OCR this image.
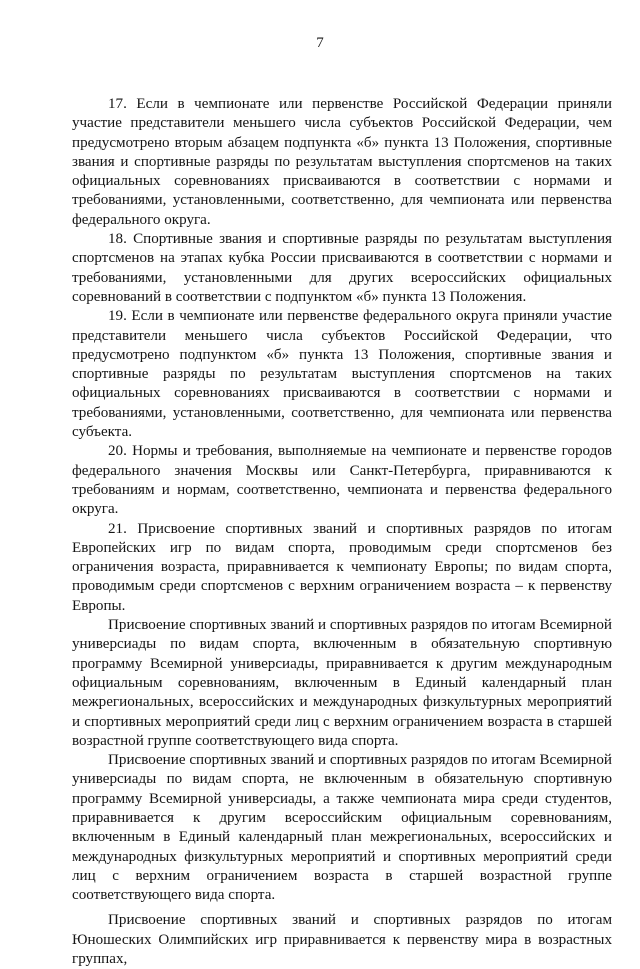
7

17. Если в чемпионате или первенстве Российской Федерации приняли участие представители меньшего числа субъектов Российской Федерации, чем предусмотрено вторым абзацем подпункта «б» пункта 13 Положения, спортивные звания и спортивные разряды по результатам выступления спортсменов на таких официальных соревнованиях присваиваются в соответствии с нормами и требованиями, установленными, соответственно, для чемпионата или первенства федерального округа.

18. Спортивные звания и спортивные разряды по результатам выступления спортсменов на этапах кубка России присваиваются в соответствии с нормами и требованиями, установленными для других всероссийских официальных соревнований в соответствии с подпунктом «б» пункта 13 Положения.

19. Если в чемпионате или первенстве федерального округа приняли участие представители меньшего числа субъектов Российской Федерации, что предусмотрено подпунктом «б» пункта 13 Положения, спортивные звания и спортивные разряды по результатам выступления спортсменов на таких официальных соревнованиях присваиваются в соответствии с нормами и требованиями, установленными, соответственно, для чемпионата или первенства субъекта.

20. Нормы и требования, выполняемые на чемпионате и первенстве городов федерального значения Москвы или Санкт-Петербурга, приравниваются к требованиям и нормам, соответственно, чемпионата и первенства федерального округа.

21. Присвоение спортивных званий и спортивных разрядов по итогам Европейских игр по видам спорта, проводимым среди спортсменов без ограничения возраста, приравнивается к чемпионату Европы; по видам спорта, проводимым среди спортсменов с верхним ограничением возраста – к первенству Европы.

Присвоение спортивных званий и спортивных разрядов по итогам Всемирной универсиады по видам спорта, включенным в обязательную спортивную программу Всемирной универсиады, приравнивается к другим международным официальным соревнованиям, включенным в Единый календарный план межрегиональных, всероссийских и международных физкультурных мероприятий и спортивных мероприятий среди лиц с верхним ограничением возраста в старшей возрастной группе соответствующего вида спорта.

Присвоение спортивных званий и спортивных разрядов по итогам Всемирной универсиады по видам спорта, не включенным в обязательную спортивную программу Всемирной универсиады, а также чемпионата мира среди студентов, приравнивается к другим всероссийским официальным соревнованиям, включенным в Единый календарный план межрегиональных, всероссийских и международных физкультурных мероприятий и спортивных мероприятий среди лиц с верхним ограничением возраста в старшей возрастной группе соответствующего вида спорта.

Присвоение спортивных званий и спортивных разрядов по итогам Юношеских Олимпийских игр приравнивается к первенству мира в возрастных группах,
